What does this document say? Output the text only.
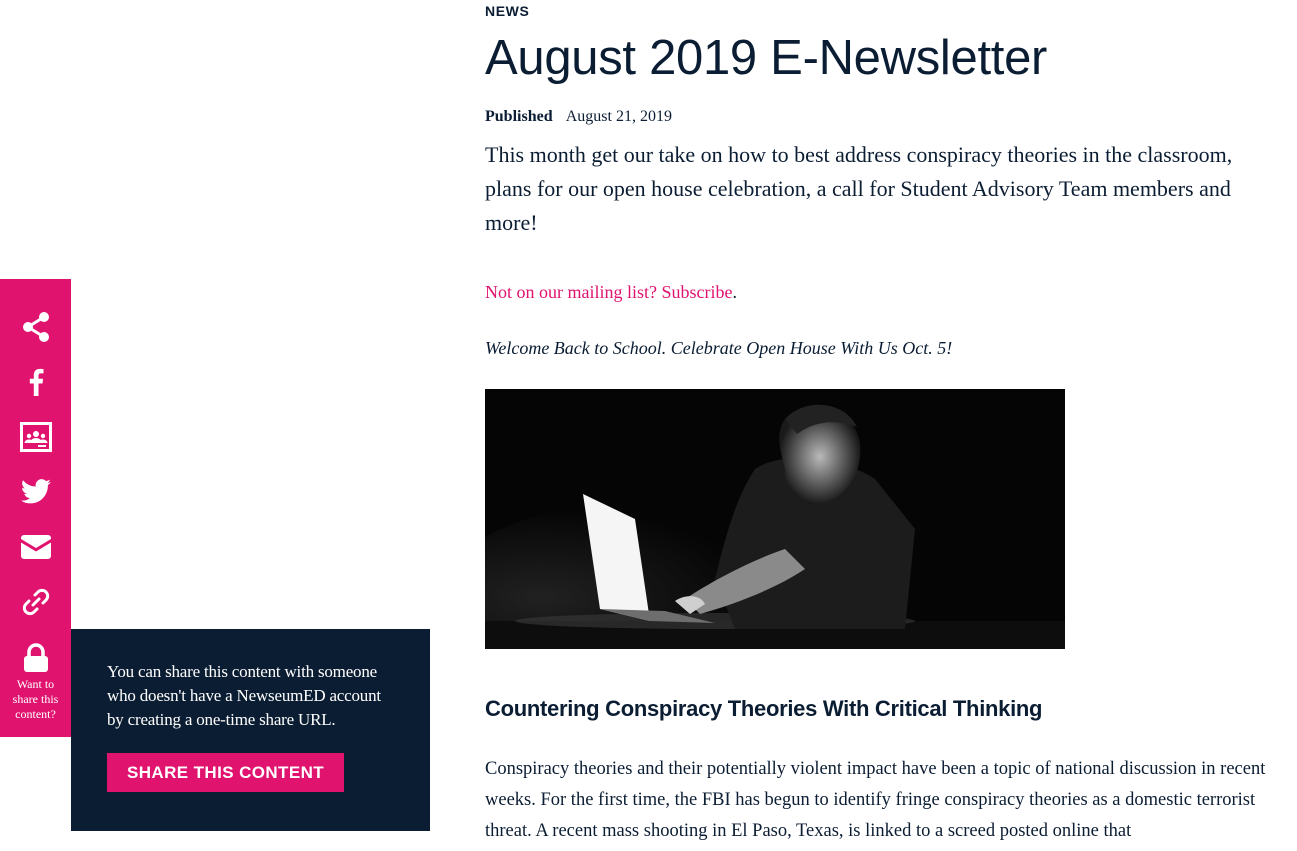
Want to share this content?

You can share this content with someone who doesn't have a NewseumED account by creating a one-time share URL.

SHARE THIS CONTENT
NEWS
August 2019 E-Newsletter
Published August 21, 2019

This month get our take on how to best address conspiracy theories in the classroom, plans for our open house celebration, a call for Student Advisory Team members and more!

Not on our mailing list? Subscribe.

Welcome Back to School. Celebrate Open House With Us Oct. 5!

Countering Conspiracy Theories With Critical Thinking

Conspiracy theories and their potentially violent impact have been a topic of national discussion in recent weeks. For the first time, the FBI has begun to identify fringe conspiracy theories as a domestic terrorist threat. A recent mass shooting in El Paso, Texas, is linked to a screed posted online that
